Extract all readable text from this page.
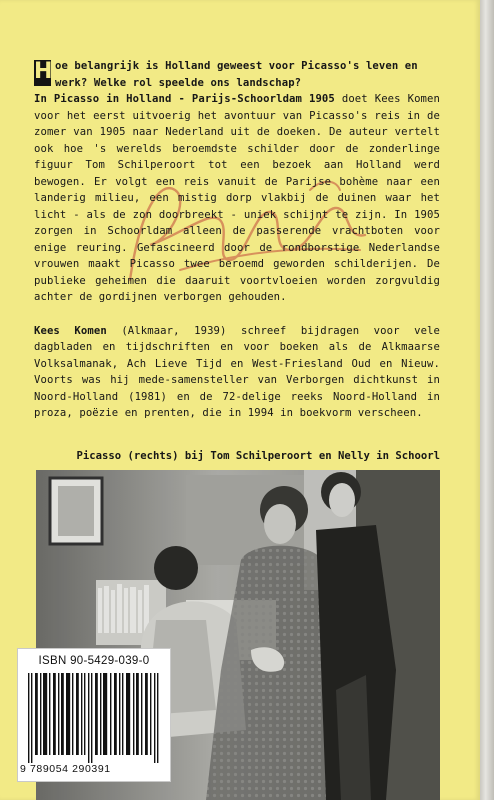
H oe belangrijk is Holland geweest voor Picasso's leven en werk? Welke rol speelde ons landschap?

In Picasso in Holland - Parijs-Schoorldam 1905 doet Kees Komen voor het eerst uitvoerig het avontuur van Picasso's reis in de zomer van 1905 naar Nederland uit de doeken. De auteur vertelt ook hoe 's werelds beroemdste schilder door de zonderlinge figuur Tom Schilperoort tot een bezoek aan Holland werd bewogen. Er volgt een reis vanuit de Parijse bohème naar een landerig milieu, een mistig dorp vlakbij de duinen waar het licht - als de zon doorbreekt - uniek schijnt te zijn. In 1905 zorgen in Schoorldam alleen de passerende vrachtboten voor enige reuring. Gefascineerd door de rondborstige Nederlandse vrouwen maakt Picasso twee beroemd geworden schilderijen. De publieke geheimen die daaruit voortvloeien worden zorgvuldig achter de gordijnen verborgen gehouden.

Kees Komen (Alkmaar, 1939) schreef bijdragen voor vele dagbladen en tijdschriften en voor boeken als de Alkmaarse Volksalmanak, Ach Lieve Tijd en West-Friesland Oud en Nieuw. Voorts was hij mede-samensteller van Verborgen dichtkunst in Noord-Holland (1981) en de 72-delige reeks Noord-Holland in proza, poëzie en prenten, die in 1994 in boekvorm verscheen.

Picasso (rechts) bij Tom Schilperoort en Nelly in Schoorl
ISBN 90-5429-039-0
9 789054 290391
